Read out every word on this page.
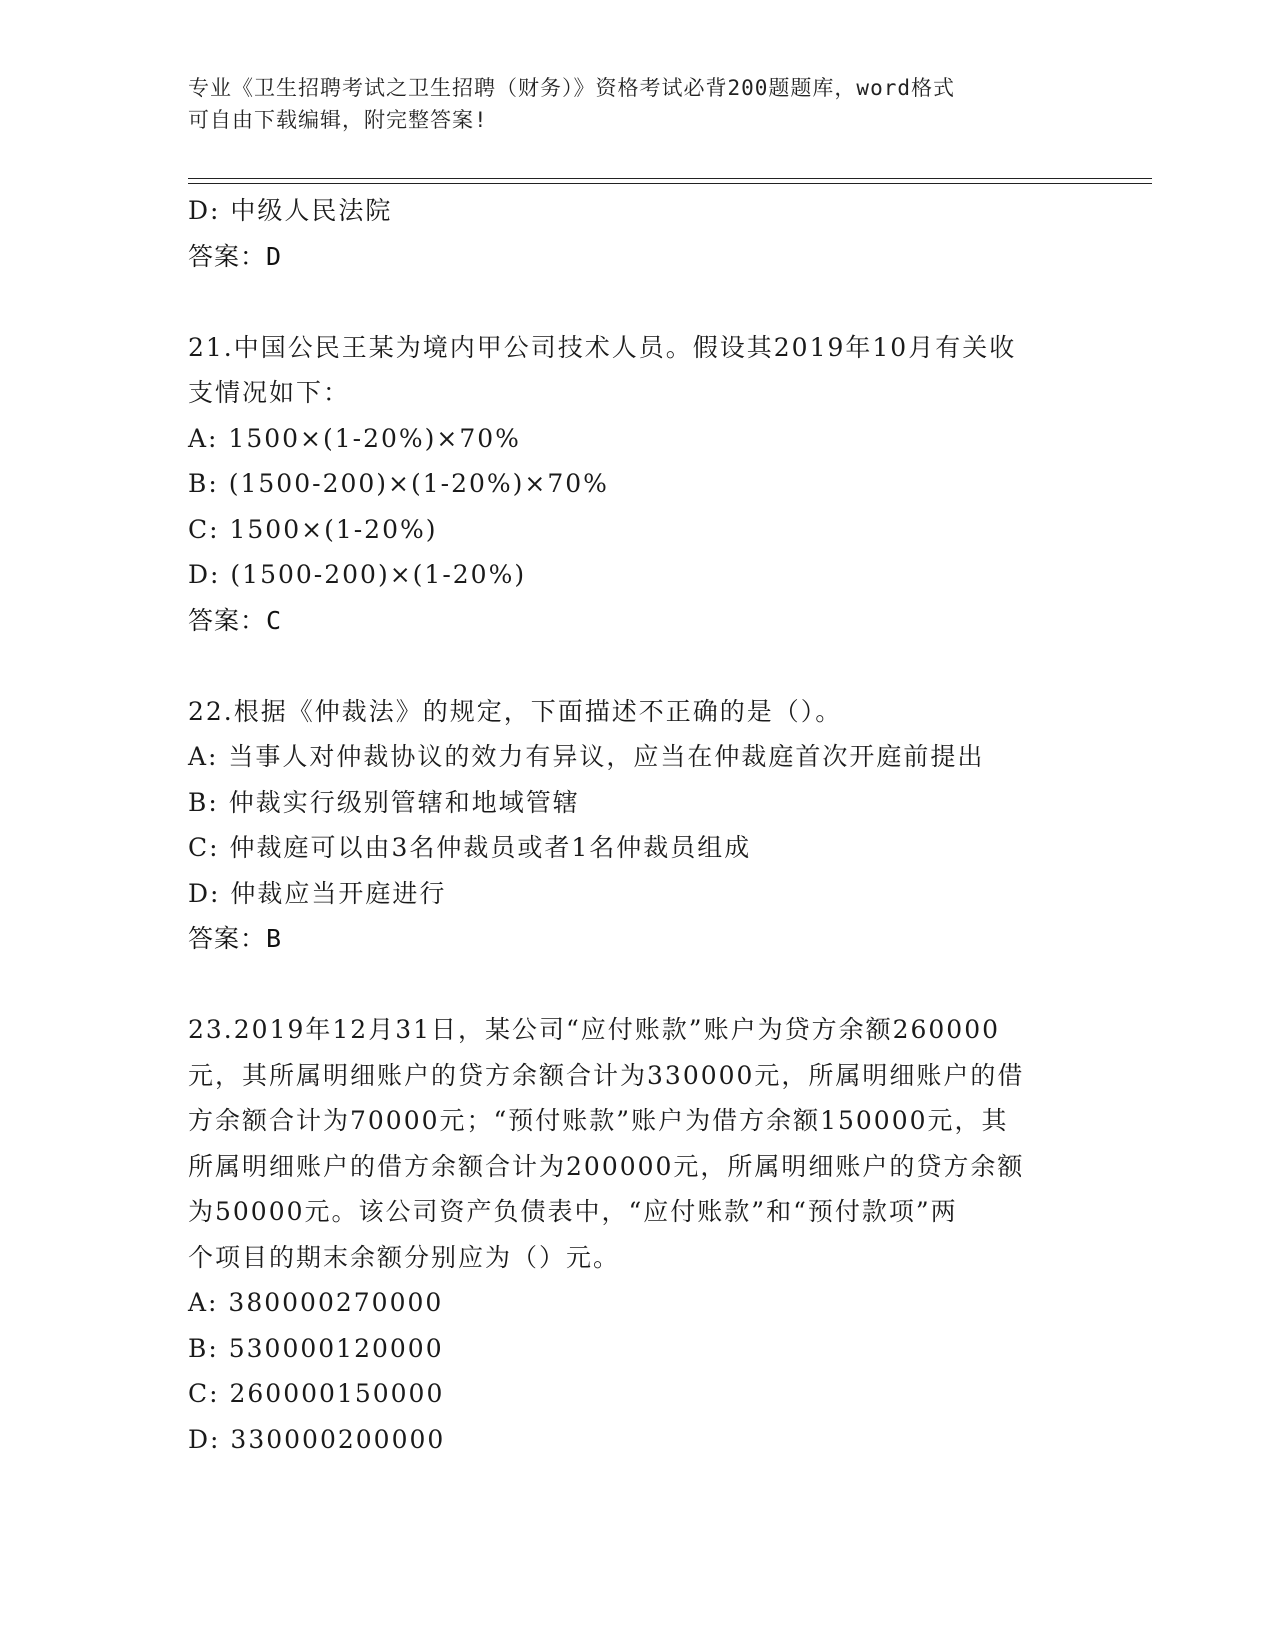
专业《卫生招聘考试之卫生招聘（财务）》资格考试必背200题题库，word格式
可自由下载编辑，附完整答案!
D: 中级人民法院
答案：D
21.中国公民王某为境内甲公司技术人员。假设其2019年10月有关收
支情况如下：
A: 1500×(1-20%)×70%
B: (1500-200)×(1-20%)×70%
C: 1500×(1-20%)
D: (1500-200)×(1-20%)
答案：C
22.根据《仲裁法》的规定，下面描述不正确的是（）。
A: 当事人对仲裁协议的效力有异议，应当在仲裁庭首次开庭前提出
B: 仲裁实行级别管辖和地域管辖
C: 仲裁庭可以由3名仲裁员或者1名仲裁员组成
D: 仲裁应当开庭进行
答案：B
23.2019年12月31日，某公司“应付账款”账户为贷方余额260000
元，其所属明细账户的贷方余额合计为330000元，所属明细账户的借
方余额合计为70000元；“预付账款”账户为借方余额150000元，其
所属明细账户的借方余额合计为200000元，所属明细账户的贷方余额
为50000元。该公司资产负债表中，“应付账款”和“预付款项”两
个项目的期末余额分别应为（）元。
A: 380000270000
B: 530000120000
C: 260000150000
D: 330000200000
